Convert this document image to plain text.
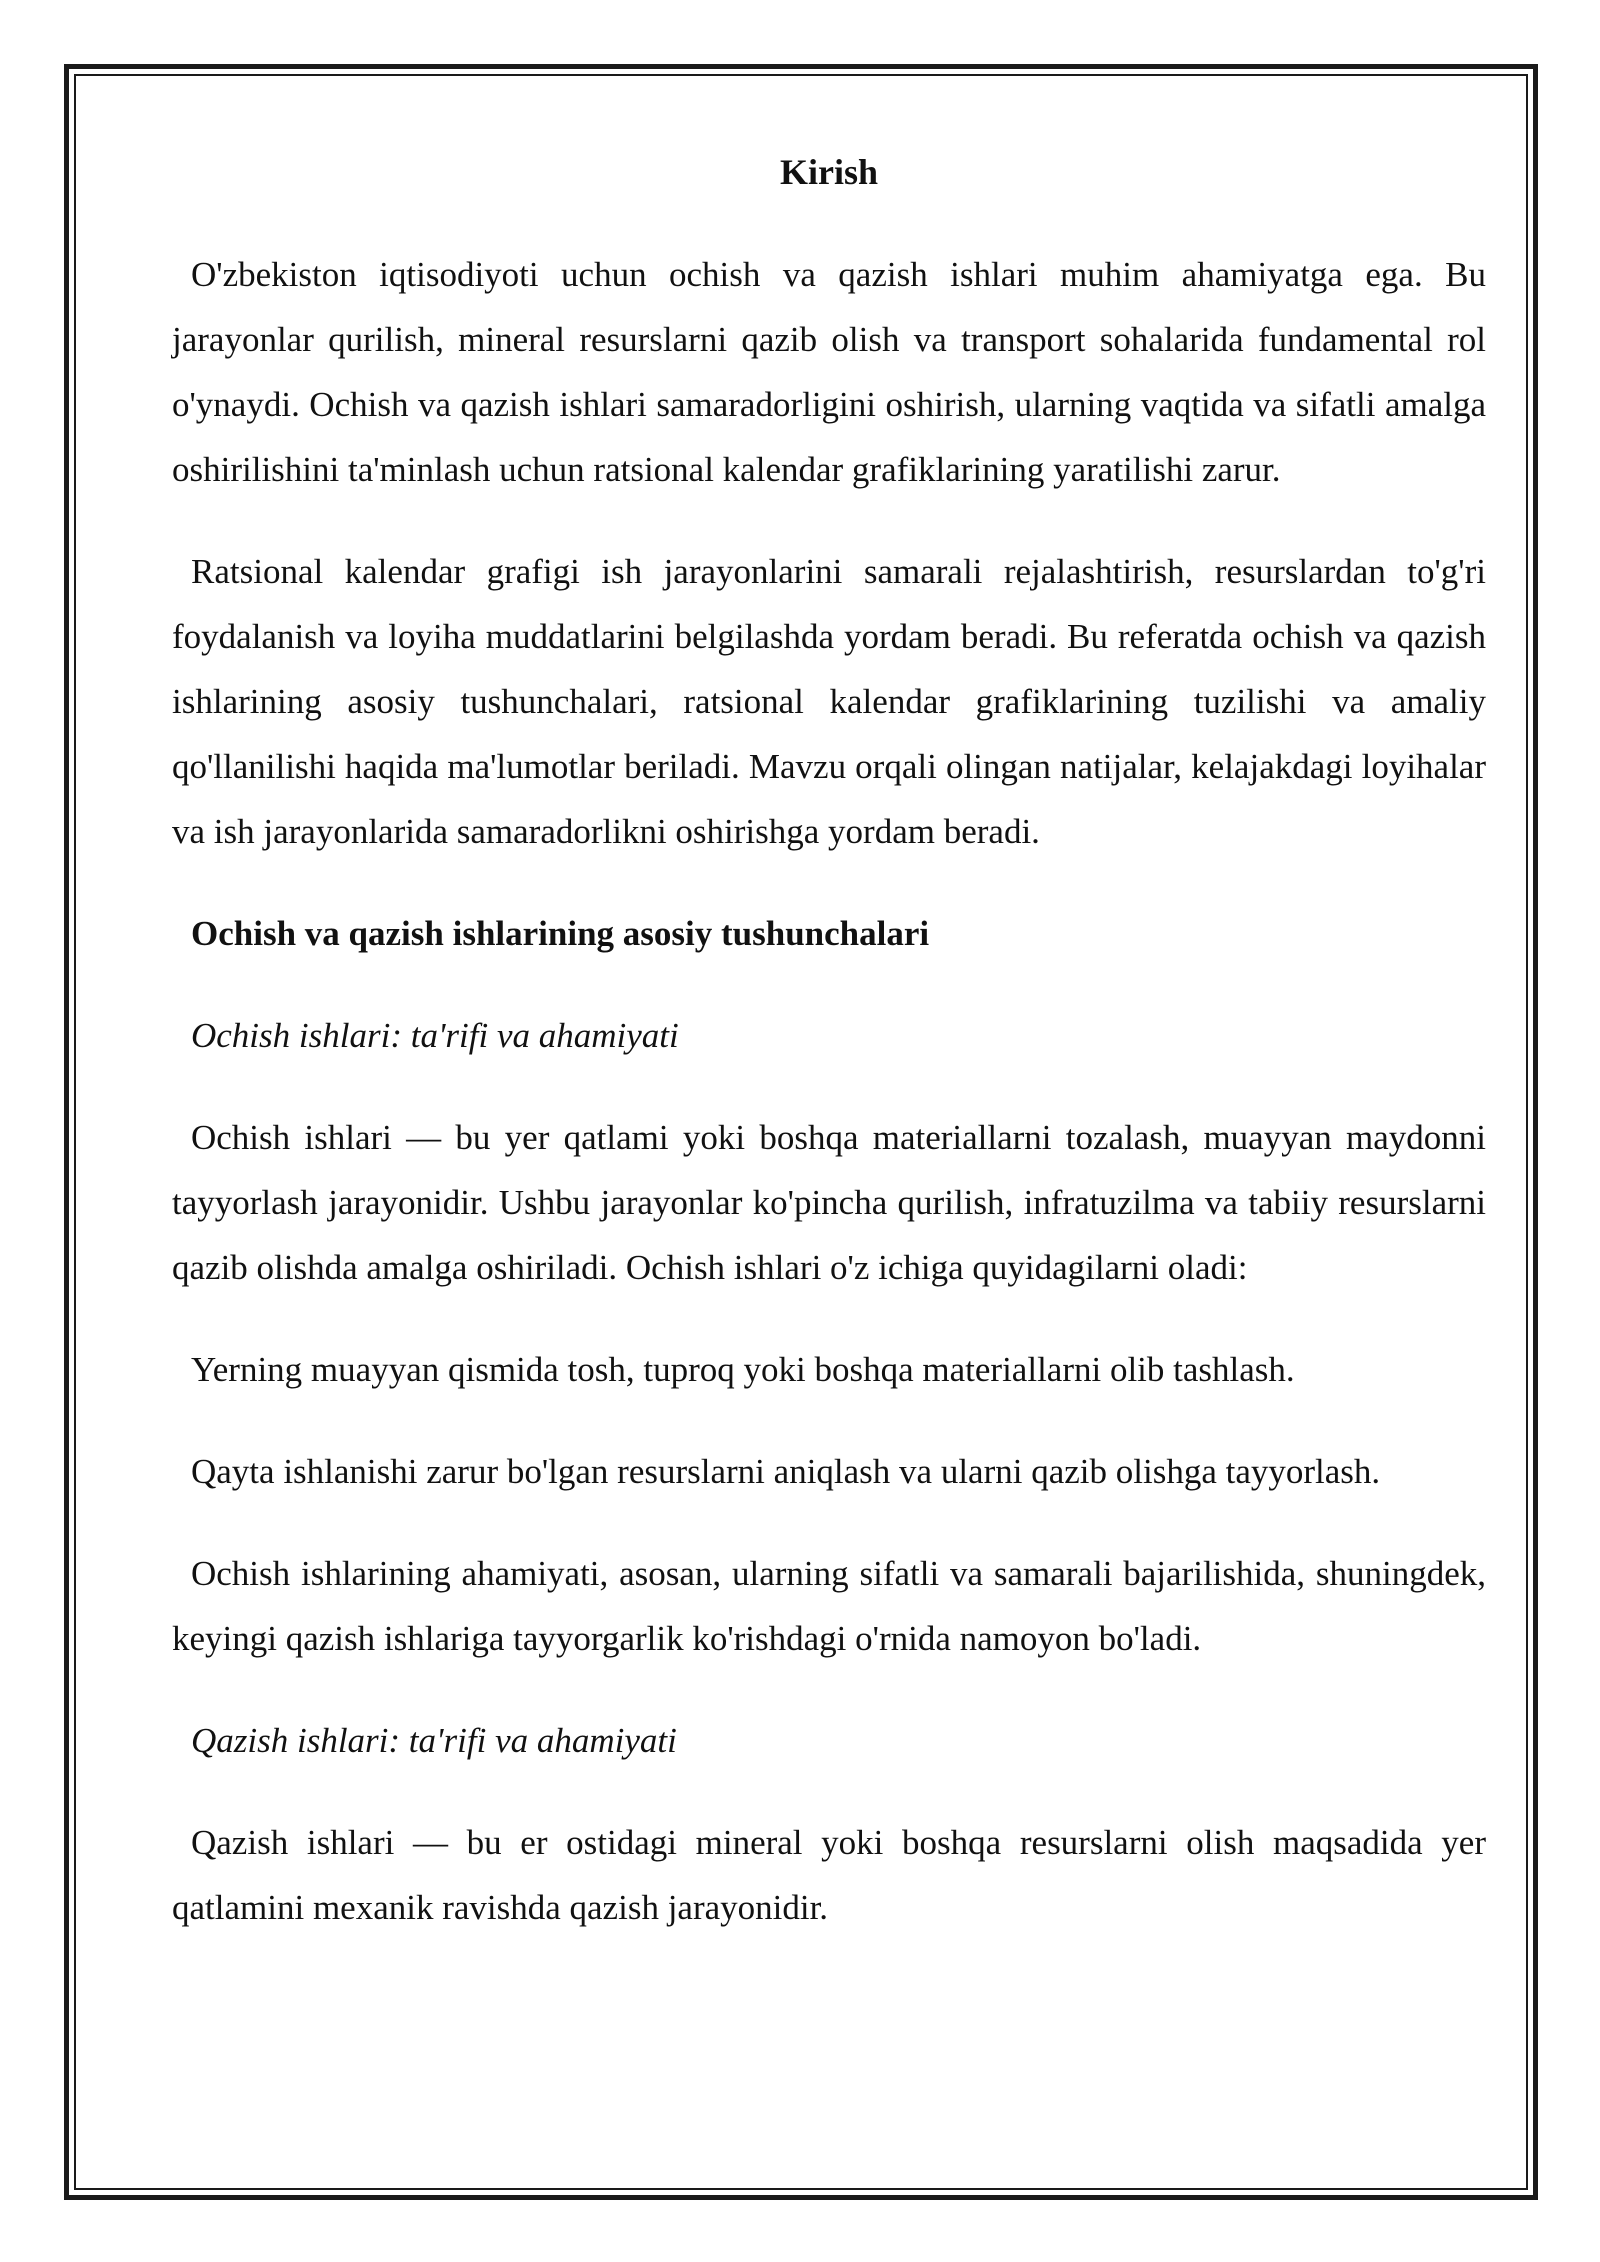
Kirish

O'zbekiston iqtisodiyoti uchun ochish va qazish ishlari muhim ahamiyatga ega. Bu jarayonlar qurilish, mineral resurslarni qazib olish va transport sohalarida fundamental rol o'ynaydi. Ochish va qazish ishlari samaradorligini oshirish, ularning vaqtida va sifatli amalga oshirilishini ta'minlash uchun ratsional kalendar grafiklarining yaratilishi zarur.

Ratsional kalendar grafigi ish jarayonlarini samarali rejalashtirish, resurslardan to'g'ri foydalanish va loyiha muddatlarini belgilashda yordam beradi. Bu referatda ochish va qazish ishlarining asosiy tushunchalari, ratsional kalendar grafiklarining tuzilishi va amaliy qo'llanilishi haqida ma'lumotlar beriladi. Mavzu orqali olingan natijalar, kelajakdagi loyihalar va ish jarayonlarida samaradorlikni oshirishga yordam beradi.

Ochish va qazish ishlarining asosiy tushunchalari
Ochish ishlari: ta'rifi va ahamiyati

Ochish ishlari — bu yer qatlami yoki boshqa materiallarni tozalash, muayyan maydonni tayyorlash jarayonidir. Ushbu jarayonlar ko'pincha qurilish, infratuzilma va tabiiy resurslarni qazib olishda amalga oshiriladi. Ochish ishlari o'z ichiga quyidagilarni oladi:

Yerning muayyan qismida tosh, tuproq yoki boshqa materiallarni olib tashlash.

Qayta ishlanishi zarur bo'lgan resurslarni aniqlash va ularni qazib olishga tayyorlash.

Ochish ishlarining ahamiyati, asosan, ularning sifatli va samarali bajarilishida, shuningdek, keyingi qazish ishlariga tayyorgarlik ko'rishdagi o'rnida namoyon bo'ladi.

Qazish ishlari: ta'rifi va ahamiyati

Qazish ishlari — bu er ostidagi mineral yoki boshqa resurslarni olish maqsadida yer qatlamini mexanik ravishda qazish jarayonidir.
